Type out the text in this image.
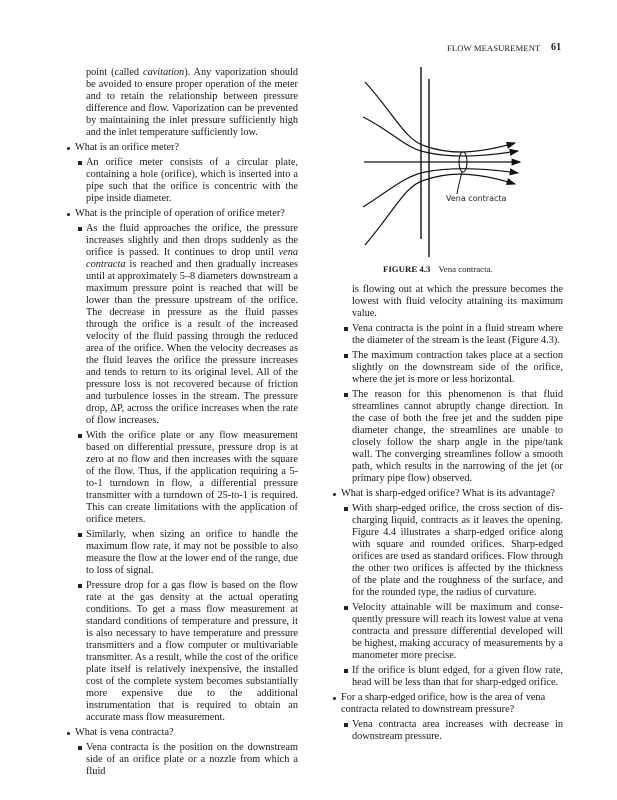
FLOW MEASUREMENT 61

point (called cavitation). Any vaporization should be avoided to ensure proper operation of the meter and to retain the relationship between pressure difference and flow. Vaporization can be prevented by maintaining the inlet pressure sufficiently high and the inlet temperature sufficiently low.

What is an orifice meter?

An orifice meter consists of a circular plate, containing a hole (orifice), which is inserted into a pipe such that the orifice is concentric with the pipe inside diameter.

What is the principle of operation of orifice meter?

As the fluid approaches the orifice, the pressure increases slightly and then drops suddenly as the orifice is passed. It continues to drop until vena contracta is reached and then gradually increases until at approximately 5–8 diameters downstream a maximum pressure point is reached that will be lower than the pressure upstream of the orifice. The decrease in pressure as the fluid passes through the orifice is a result of the increased velocity of the fluid passing through the reduced area of the orifice. When the velocity decreases as the fluid leaves the orifice the pressure increases and tends to return to its original level. All of the pressure loss is not recovered because of friction and turbulence losses in the stream. The pressure drop, ΔP, across the orifice increases when the rate of flow increases.

With the orifice plate or any flow measurement based on differential pressure, pressure drop is at zero at no flow and then increases with the square of the flow. Thus, if the application requiring a 5-to-1 turndown in flow, a differential pressure transmitter with a turndown of 25-to-1 is required. This can create limitations with the application of orifice meters.

Similarly, when sizing an orifice to handle the maximum flow rate, it may not be possible to also measure the flow at the lower end of the range, due to loss of signal.

Pressure drop for a gas flow is based on the flow rate at the gas density at the actual operating conditions. To get a mass flow measurement at standard conditions of temperature and pressure, it is also necessary to have temperature and pressure transmitters and a flow computer or multivariable transmitter. As a result, while the cost of the orifice plate itself is relatively inexpensive, the installed cost of the complete system becomes substantially more expensive due to the additional instrumentation that is required to obtain an accurate mass flow measurement.

What is vena contracta?

Vena contracta is the position on the downstream side of an orifice plate or a nozzle from which a fluid

Vena contracta
FIGURE 4.3 Vena contracta.

is flowing out at which the pressure becomes the lowest with fluid velocity attaining its maximum value.

Vena contracta is the point in a fluid stream where the diameter of the stream is the least (Figure 4.3).

The maximum contraction takes place at a section slightly on the downstream side of the orifice, where the jet is more or less horizontal.

The reason for this phenomenon is that fluid streamlines cannot abruptly change direction. In the case of both the free jet and the sudden pipe diameter change, the streamlines are unable to closely follow the sharp angle in the pipe/tank wall. The converging streamlines follow a smooth path, which results in the narrowing of the jet (or primary pipe flow) observed.

What is sharp-edged orifice? What is its advantage?

With sharp-edged orifice, the cross section of discharging liquid, contracts as it leaves the opening. Figure 4.4 illustrates a sharp-edged orifice along with square and rounded orifices. Sharp-edged orifices are used as standard orifices. Flow through the other two orifices is affected by the thickness of the plate and the roughness of the surface, and for the rounded type, the radius of curvature.

Velocity attainable will be maximum and consequently pressure will reach its lowest value at vena contracta and pressure differential developed will be highest, making accuracy of measurements by a manometer more precise.

If the orifice is blunt edged, for a given flow rate, head will be less than that for sharp-edged orifice.

For a sharp-edged orifice, how is the area of vena contracta related to downstream pressure?

Vena contracta area increases with decrease in downstream pressure.
